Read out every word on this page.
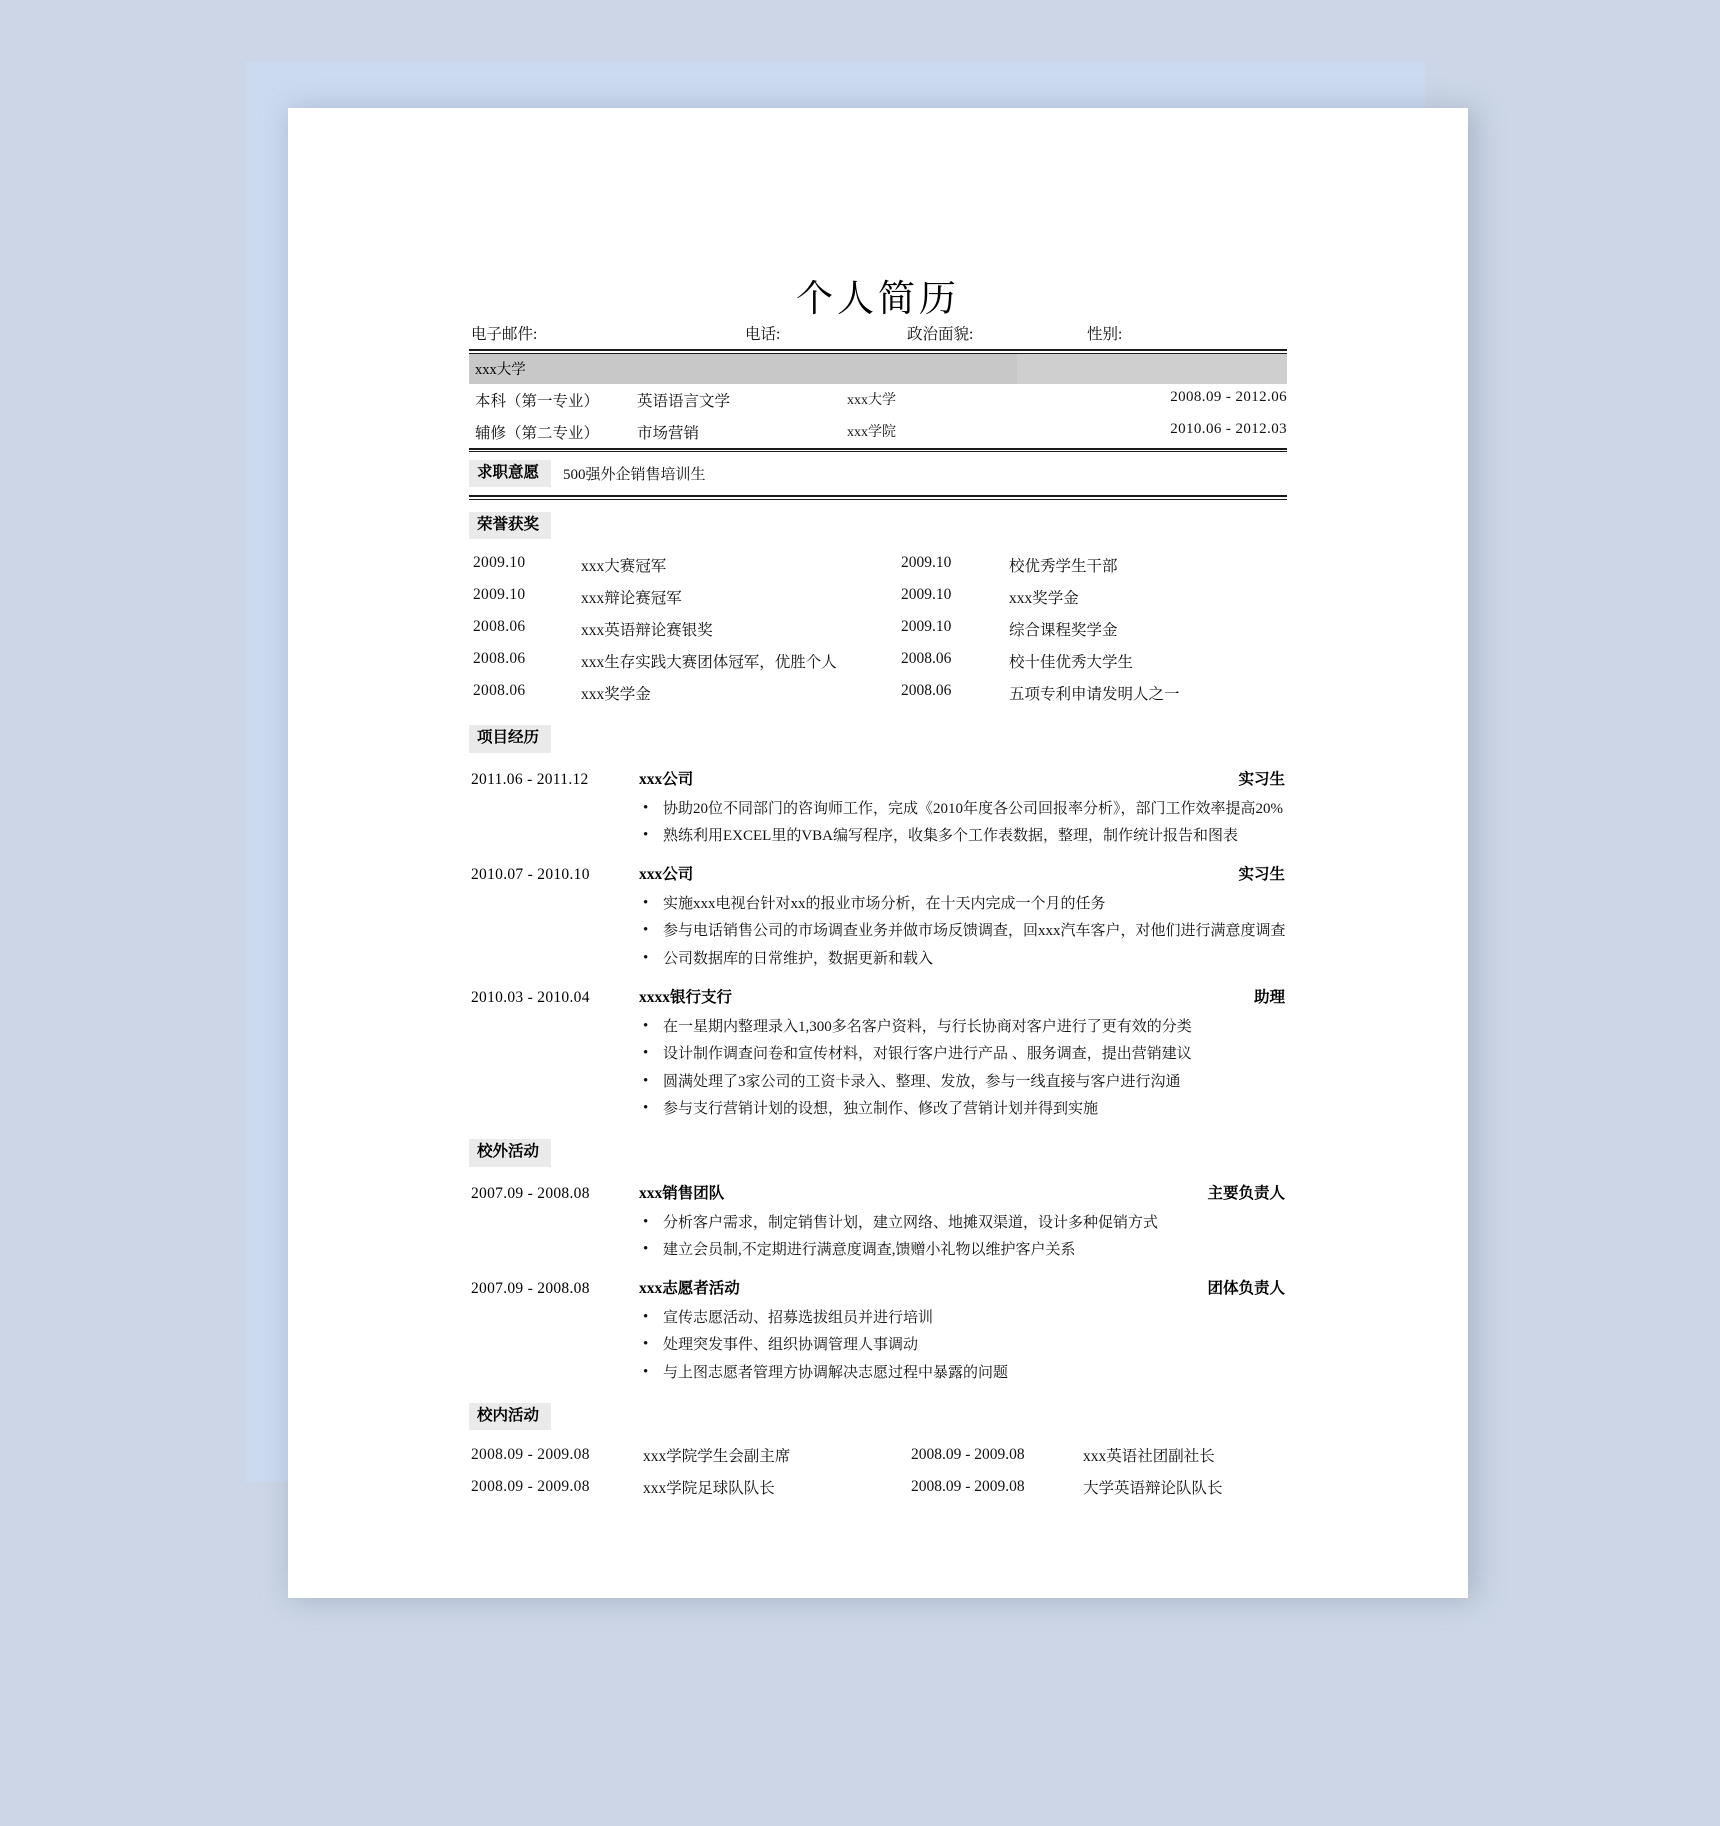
个人简历
电子邮件:	电话:	政治面貌:	性别:
xxx大学
本科（第一专业）	英语语言文学	xxx大学	2008.09 - 2012.06
辅修（第二专业）	市场营销	xxx学院	2010.06 - 2012.03
求职意愿	500强外企销售培训生
荣誉获奖
2009.10	xxx大赛冠军	2009.10	校优秀学生干部
2009.10	xxx辩论赛冠军	2009.10	xxx奖学金
2008.06	xxx英语辩论赛银奖	2009.10	综合课程奖学金
2008.06	xxx生存实践大赛团体冠军，优胜个人	2008.06	校十佳优秀大学生
2008.06	xxx奖学金	2008.06	五项专利申请发明人之一
项目经历
2011.06 - 2011.12	xxx公司	实习生
• 协助20位不同部门的咨询师工作，完成《2010年度各公司回报率分析》，部门工作效率提高20%
• 熟练利用EXCEL里的VBA编写程序，收集多个工作表数据，整理，制作统计报告和图表
2010.07 - 2010.10	xxx公司	实习生
• 实施xxx电视台针对xx的报业市场分析，在十天内完成一个月的任务
• 参与电话销售公司的市场调查业务并做市场反馈调查，回xxx汽车客户，对他们进行满意度调查
• 公司数据库的日常维护，数据更新和载入
2010.03 - 2010.04	xxxx银行支行	助理
• 在一星期内整理录入1,300多名客户资料，与行长协商对客户进行了更有效的分类
• 设计制作调查问卷和宣传材料，对银行客户进行产品 、服务调查，提出营销建议
• 圆满处理了3家公司的工资卡录入、整理、发放，参与一线直接与客户进行沟通
• 参与支行营销计划的设想，独立制作、修改了营销计划并得到实施
校外活动
2007.09 - 2008.08	xxx销售团队	主要负责人
• 分析客户需求，制定销售计划，建立网络、地摊双渠道，设计多种促销方式
• 建立会员制,不定期进行满意度调查,馈赠小礼物以维护客户关系
2007.09 - 2008.08	xxx志愿者活动	团体负责人
• 宣传志愿活动、招募选拔组员并进行培训
• 处理突发事件、组织协调管理人事调动
• 与上图志愿者管理方协调解决志愿过程中暴露的问题
校内活动
2008.09 - 2009.08	xxx学院学生会副主席	2008.09 - 2009.08	xxx英语社团副社长
2008.09 - 2009.08	xxx学院足球队队长	2008.09 - 2009.08	大学英语辩论队队长
